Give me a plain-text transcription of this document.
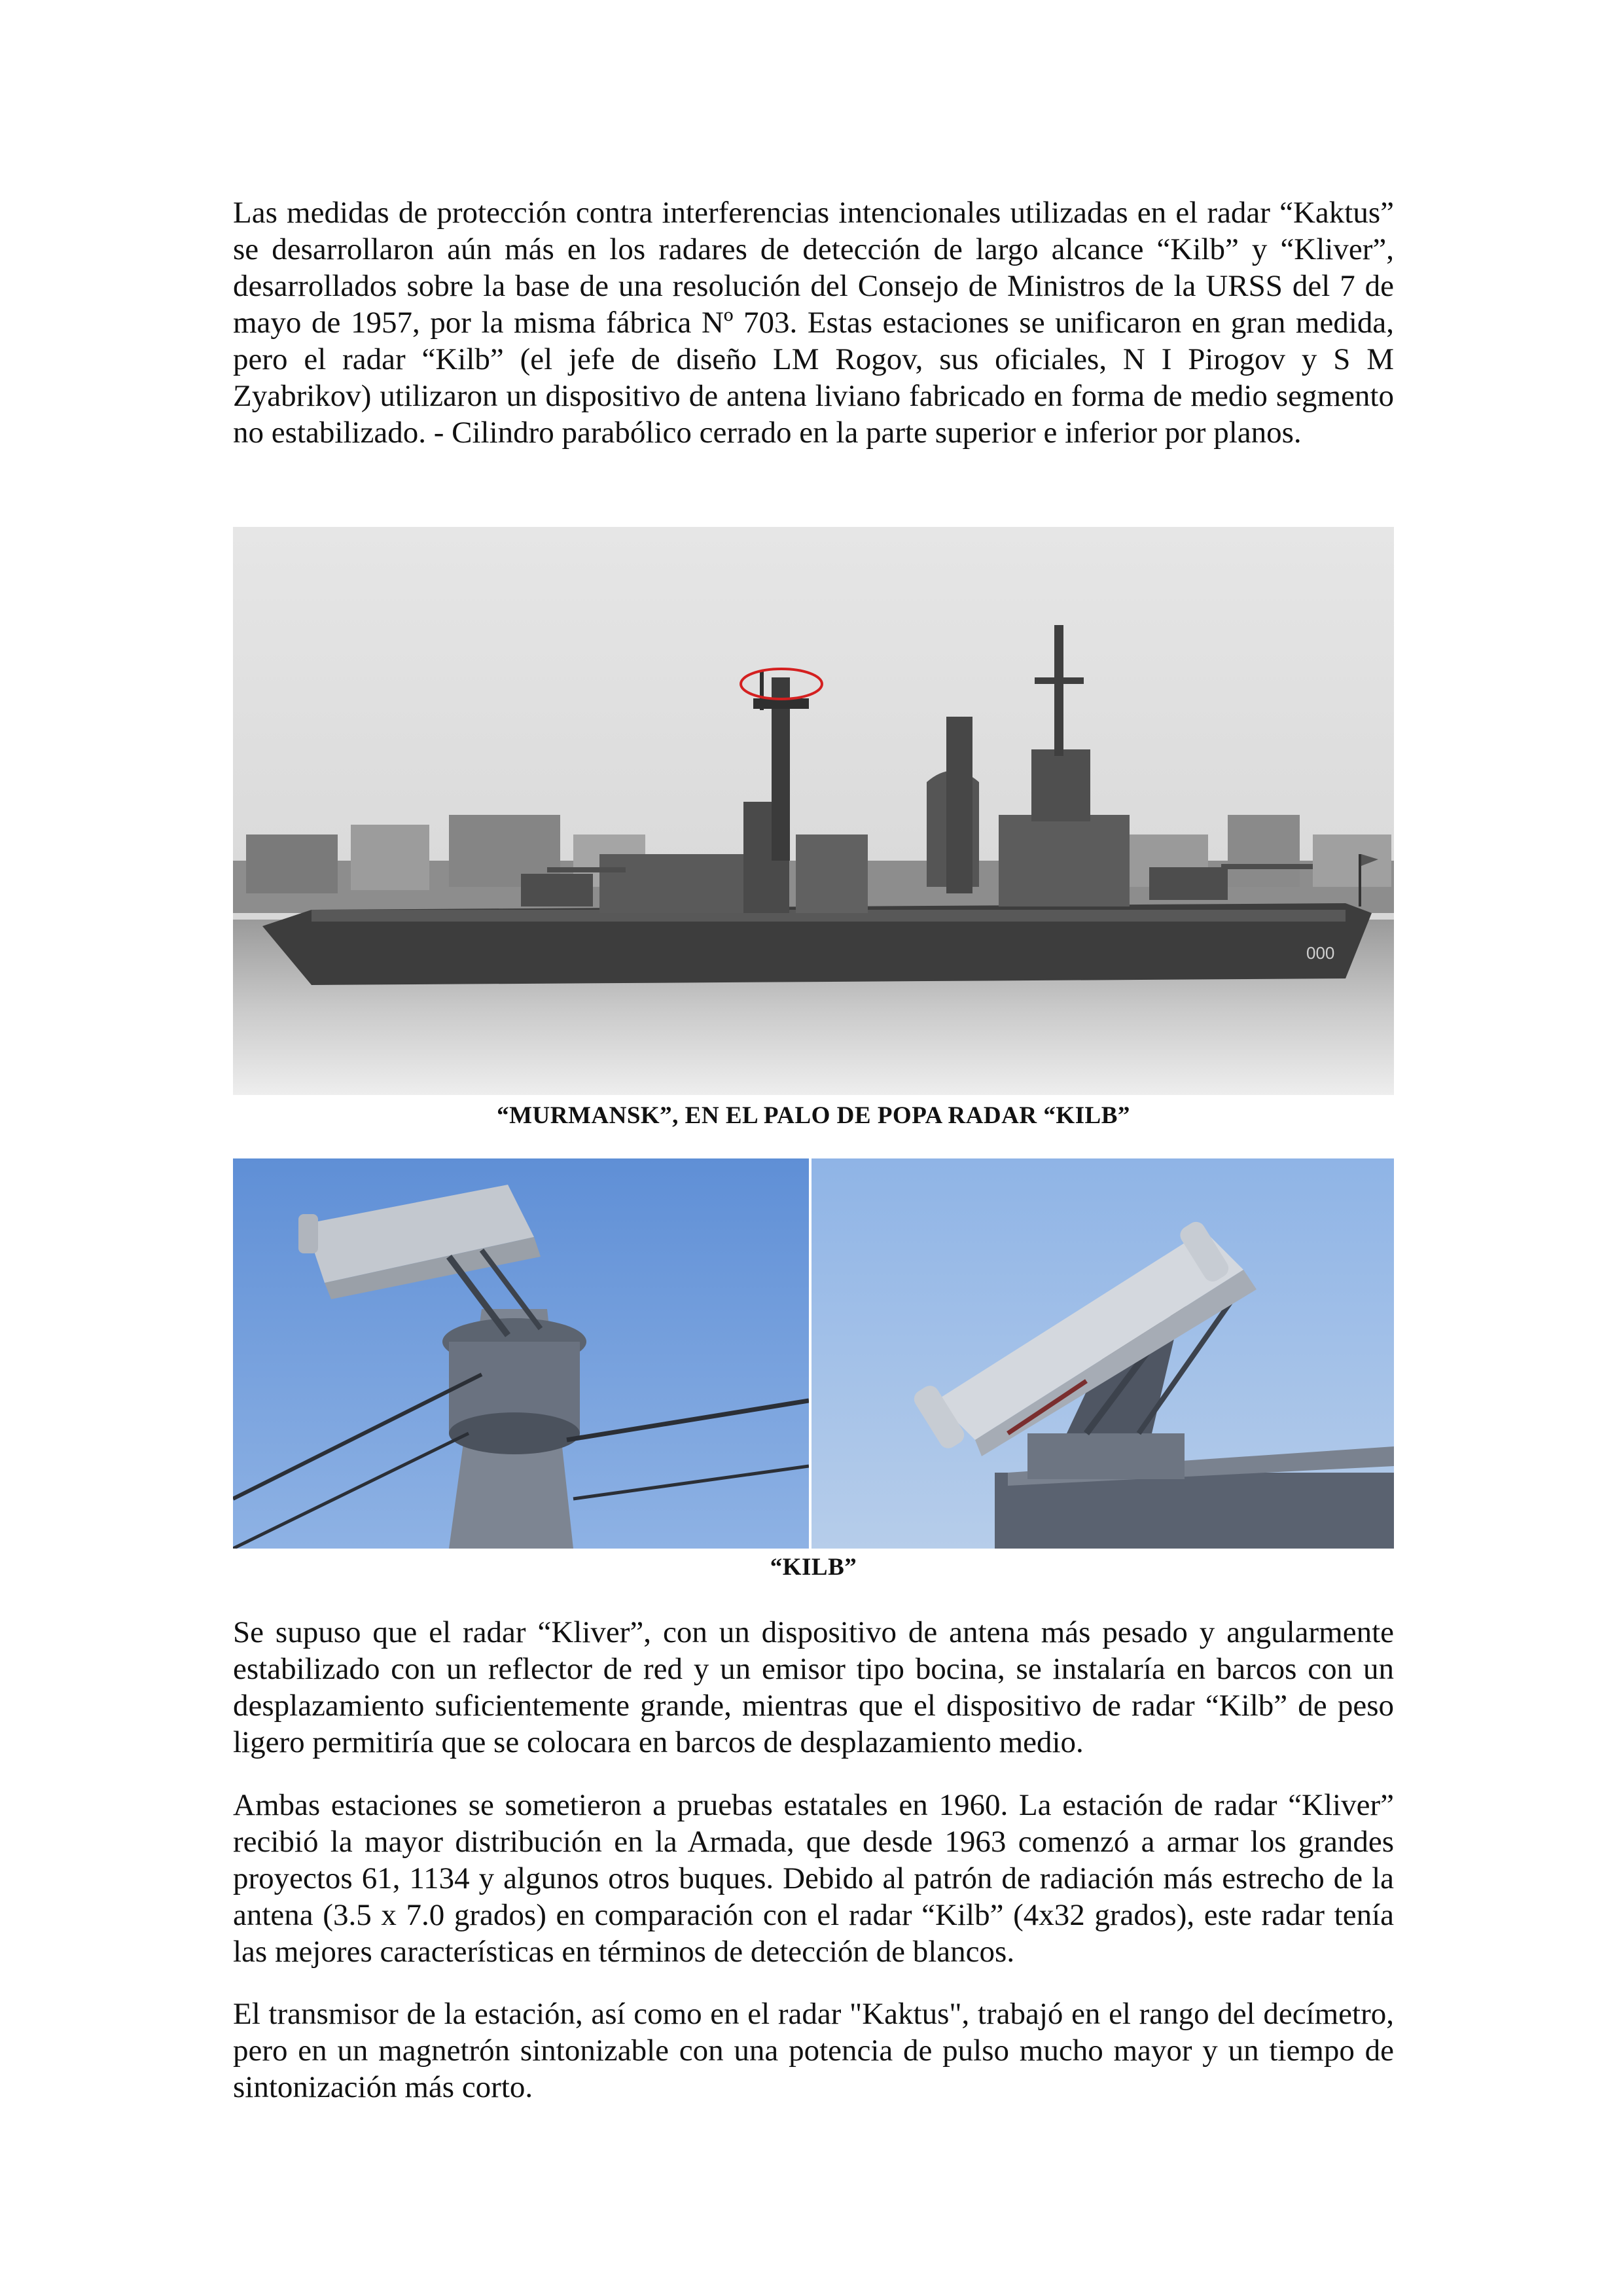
Las medidas de protección contra interferencias intencionales utilizadas en el radar “Kaktus” se desarrollaron aún más en los radares de detección de largo alcance “Kilb” y “Kliver”, desarrollados sobre la base de una resolución del Consejo de Ministros de la URSS del 7 de mayo de 1957, por la misma fábrica Nº 703. Estas estaciones se unificaron en gran medida, pero el radar “Kilb” (el jefe de diseño LM Rogov, sus oficiales, N I Pirogov y S M Zyabrikov) utilizaron un dispositivo de antena liviano fabricado en forma de medio segmento no estabilizado. - Cilindro parabólico cerrado en la parte superior e inferior por planos.

000

“MURMANSK”, EN EL PALO DE POPA RADAR “KILB”

“KILB”

Se supuso que el radar “Kliver”, con un dispositivo de antena más pesado y angularmente estabilizado con un reflector de red y un emisor tipo bocina, se instalaría en barcos con un desplazamiento suficientemente grande, mientras que el dispositivo de radar “Kilb” de peso ligero permitiría que se colocara en barcos de desplazamiento medio.

Ambas estaciones se sometieron a pruebas estatales en 1960. La estación de radar “Kliver” recibió la mayor distribución en la Armada, que desde 1963 comenzó a armar los grandes proyectos 61, 1134 y algunos otros buques. Debido al patrón de radiación más estrecho de la antena (3.5 x 7.0 grados) en comparación con el radar “Kilb” (4x32 grados), este radar tenía las mejores características en términos de detección de blancos.

El transmisor de la estación, así como en el radar "Kaktus", trabajó en el rango del decímetro, pero en un magnetrón sintonizable con una potencia de pulso mucho mayor y un tiempo de sintonización más corto.
